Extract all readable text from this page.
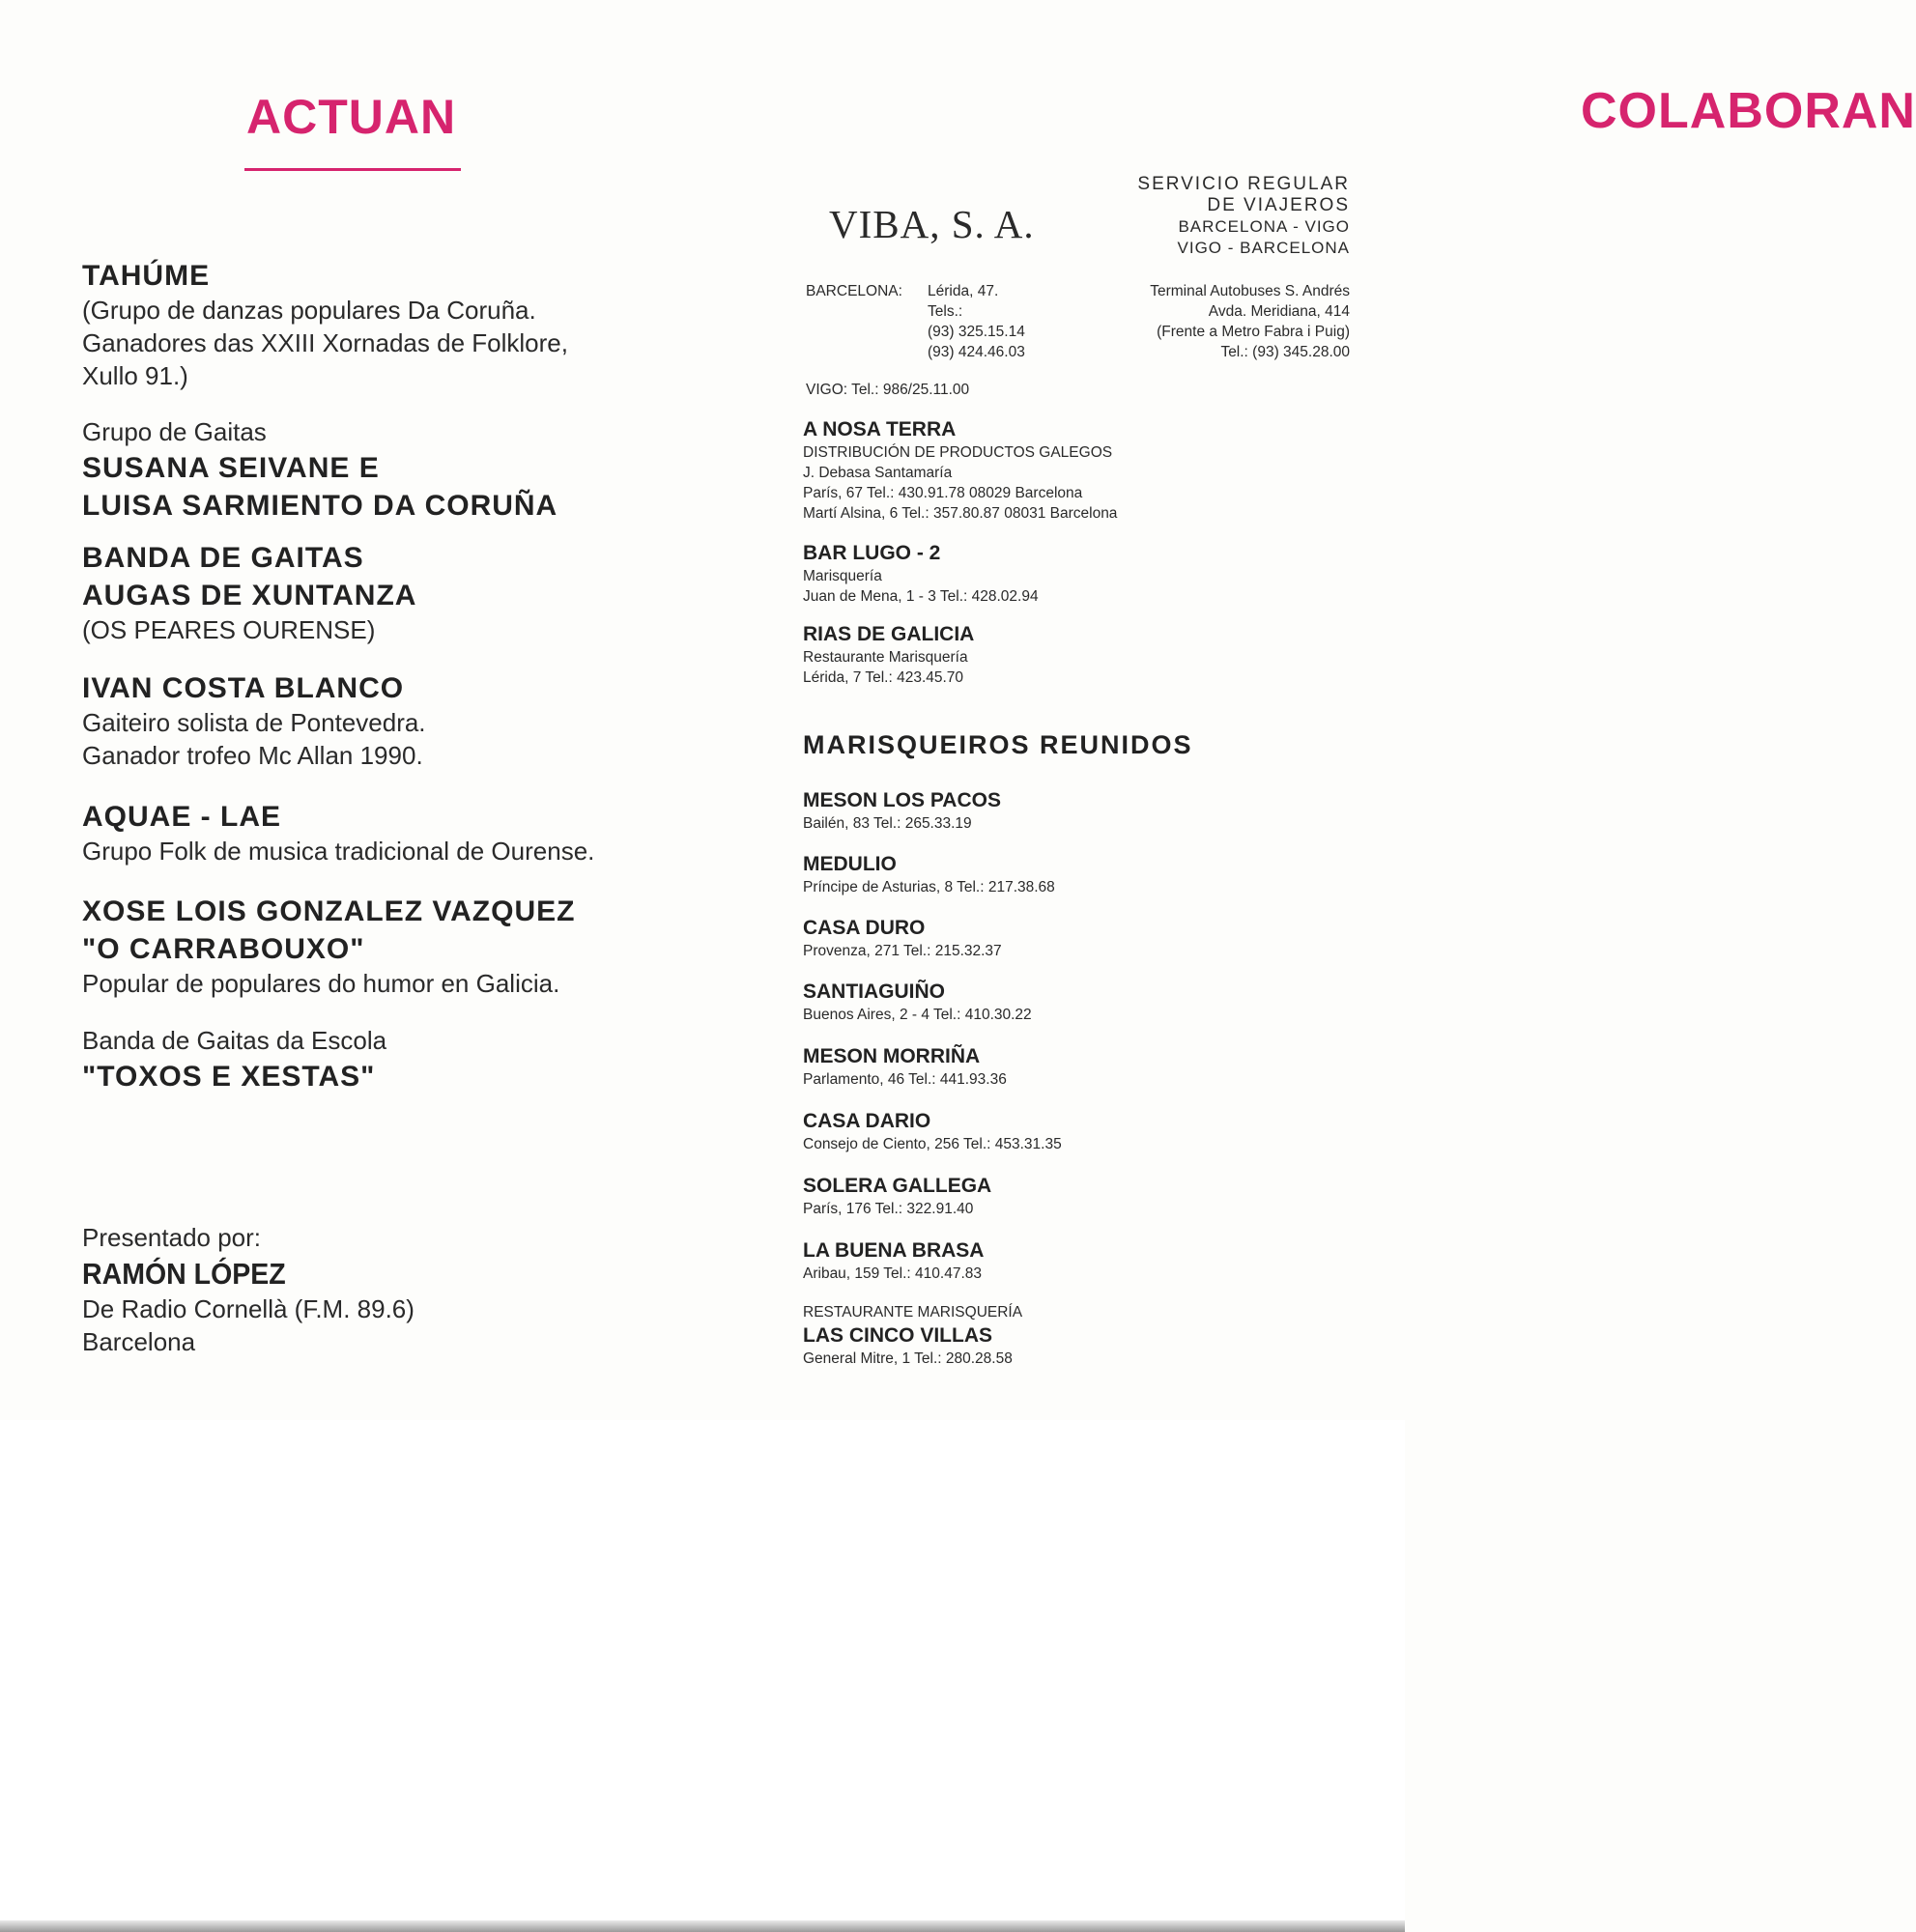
ACTUAN
TAHÚME
(Grupo de danzas populares Da Coruña.
Ganadores das XXIII Xornadas de Folklore,
Xullo 91.)
Grupo de Gaitas
SUSANA SEIVANE E
LUISA SARMIENTO DA CORUÑA
BANDA DE GAITAS
AUGAS DE XUNTANZA
(OS PEARES OURENSE)
IVAN COSTA BLANCO
Gaiteiro solista de Pontevedra.
Ganador trofeo Mc Allan 1990.
AQUAE - LAE
Grupo Folk de musica tradicional de Ourense.
XOSE LOIS GONZALEZ VAZQUEZ
"O CARRABOUXO"
Popular de populares do humor en Galicia.
Banda de Gaitas da Escola
"TOXOS E XESTAS"
Presentado por:
RAMÓN LÓPEZ
De Radio Cornellà (F.M. 89.6)
Barcelona
COLABORAN
VIBA, S. A.
SERVICIO REGULAR
DE VIAJEROS
BARCELONA - VIGO
VIGO - BARCELONA
BARCELONA: Lérida, 47.
Tels.:
(93) 325.15.14
(93) 424.46.03
Terminal Autobuses S. Andrés
Avda. Meridiana, 414
(Frente a Metro Fabra i Puig)
Tel.: (93) 345.28.00
VIGO: Tel.: 986/25.11.00
A NOSA TERRA
DISTRIBUCIÓN DE PRODUCTOS GALEGOS
J. Debasa Santamaría
París, 67 Tel.: 430.91.78 08029 Barcelona
Martí Alsina, 6 Tel.: 357.80.87 08031 Barcelona
BAR LUGO - 2
Marisquería
Juan de Mena, 1 - 3 Tel.: 428.02.94
RIAS DE GALICIA
Restaurante Marisquería
Lérida, 7 Tel.: 423.45.70
MARISQUEIROS REUNIDOS
MESON LOS PACOS
Bailén, 83 Tel.: 265.33.19
MEDULIO
Príncipe de Asturias, 8 Tel.: 217.38.68
CASA DURO
Provenza, 271 Tel.: 215.32.37
SANTIAGUIÑO
Buenos Aires, 2 - 4 Tel.: 410.30.22
MESON MORRIÑA
Parlamento, 46 Tel.: 441.93.36
CASA DARIO
Consejo de Ciento, 256 Tel.: 453.31.35
SOLERA GALLEGA
París, 176 Tel.: 322.91.40
LA BUENA BRASA
Aribau, 159 Tel.: 410.47.83
RESTAURANTE MARISQUERÍA
LAS CINCO VILLAS
General Mitre, 1 Tel.: 280.28.58
